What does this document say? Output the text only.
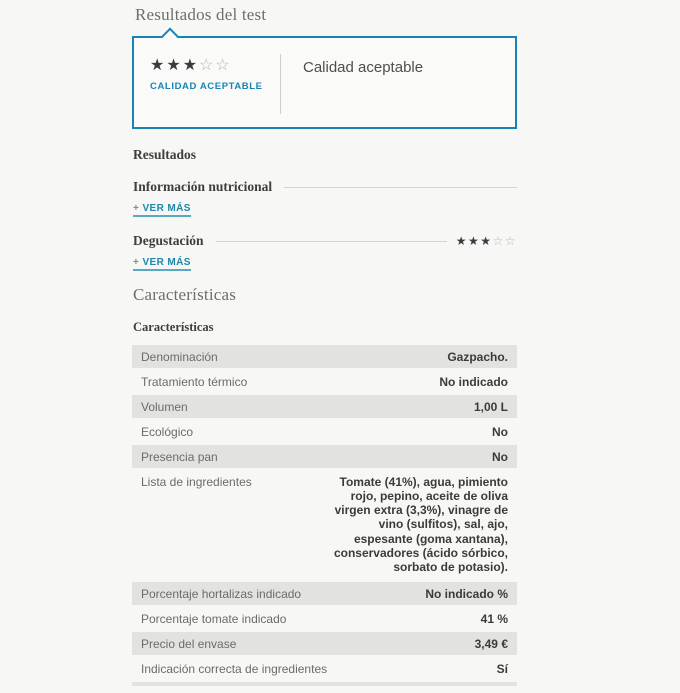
Resultados del test
★★★☆☆
CALIDAD ACEPTABLE
Calidad aceptable
Resultados
Información nutricional
+ VER MÁS
Degustación	★★★☆☆
+ VER MÁS
Características
Características
Denominación	Gazpacho.
Tratamiento térmico	No indicado
Volumen	1,00 L
Ecológico	No
Presencia pan	No
Lista de ingredientes	Tomate (41%), agua, pimiento rojo, pepino, aceite de oliva virgen extra (3,3%), vinagre de vino (sulfitos), sal, ajo, espesante (goma xantana), conservadores (ácido sórbico, sorbato de potasio).
Porcentaje hortalizas indicado	No indicado %
Porcentaje tomate indicado	41 %
Precio del envase	3,49 €
Indicación correcta de ingredientes	Sí
